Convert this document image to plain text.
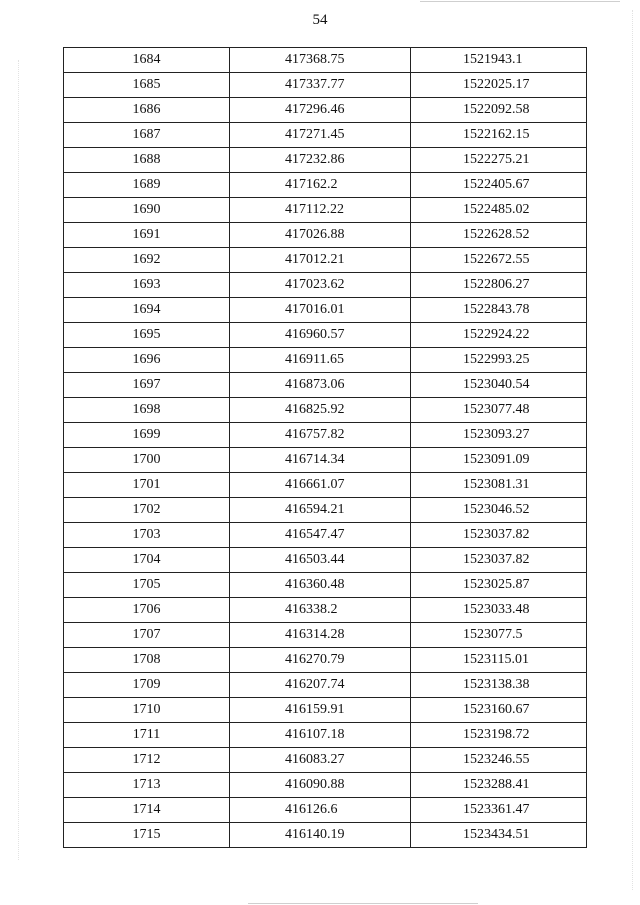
54
1684	417368.75	1521943.1
1685	417337.77	1522025.17
1686	417296.46	1522092.58
1687	417271.45	1522162.15
1688	417232.86	1522275.21
1689	417162.2	1522405.67
1690	417112.22	1522485.02
1691	417026.88	1522628.52
1692	417012.21	1522672.55
1693	417023.62	1522806.27
1694	417016.01	1522843.78
1695	416960.57	1522924.22
1696	416911.65	1522993.25
1697	416873.06	1523040.54
1698	416825.92	1523077.48
1699	416757.82	1523093.27
1700	416714.34	1523091.09
1701	416661.07	1523081.31
1702	416594.21	1523046.52
1703	416547.47	1523037.82
1704	416503.44	1523037.82
1705	416360.48	1523025.87
1706	416338.2	1523033.48
1707	416314.28	1523077.5
1708	416270.79	1523115.01
1709	416207.74	1523138.38
1710	416159.91	1523160.67
1711	416107.18	1523198.72
1712	416083.27	1523246.55
1713	416090.88	1523288.41
1714	416126.6	1523361.47
1715	416140.19	1523434.51
